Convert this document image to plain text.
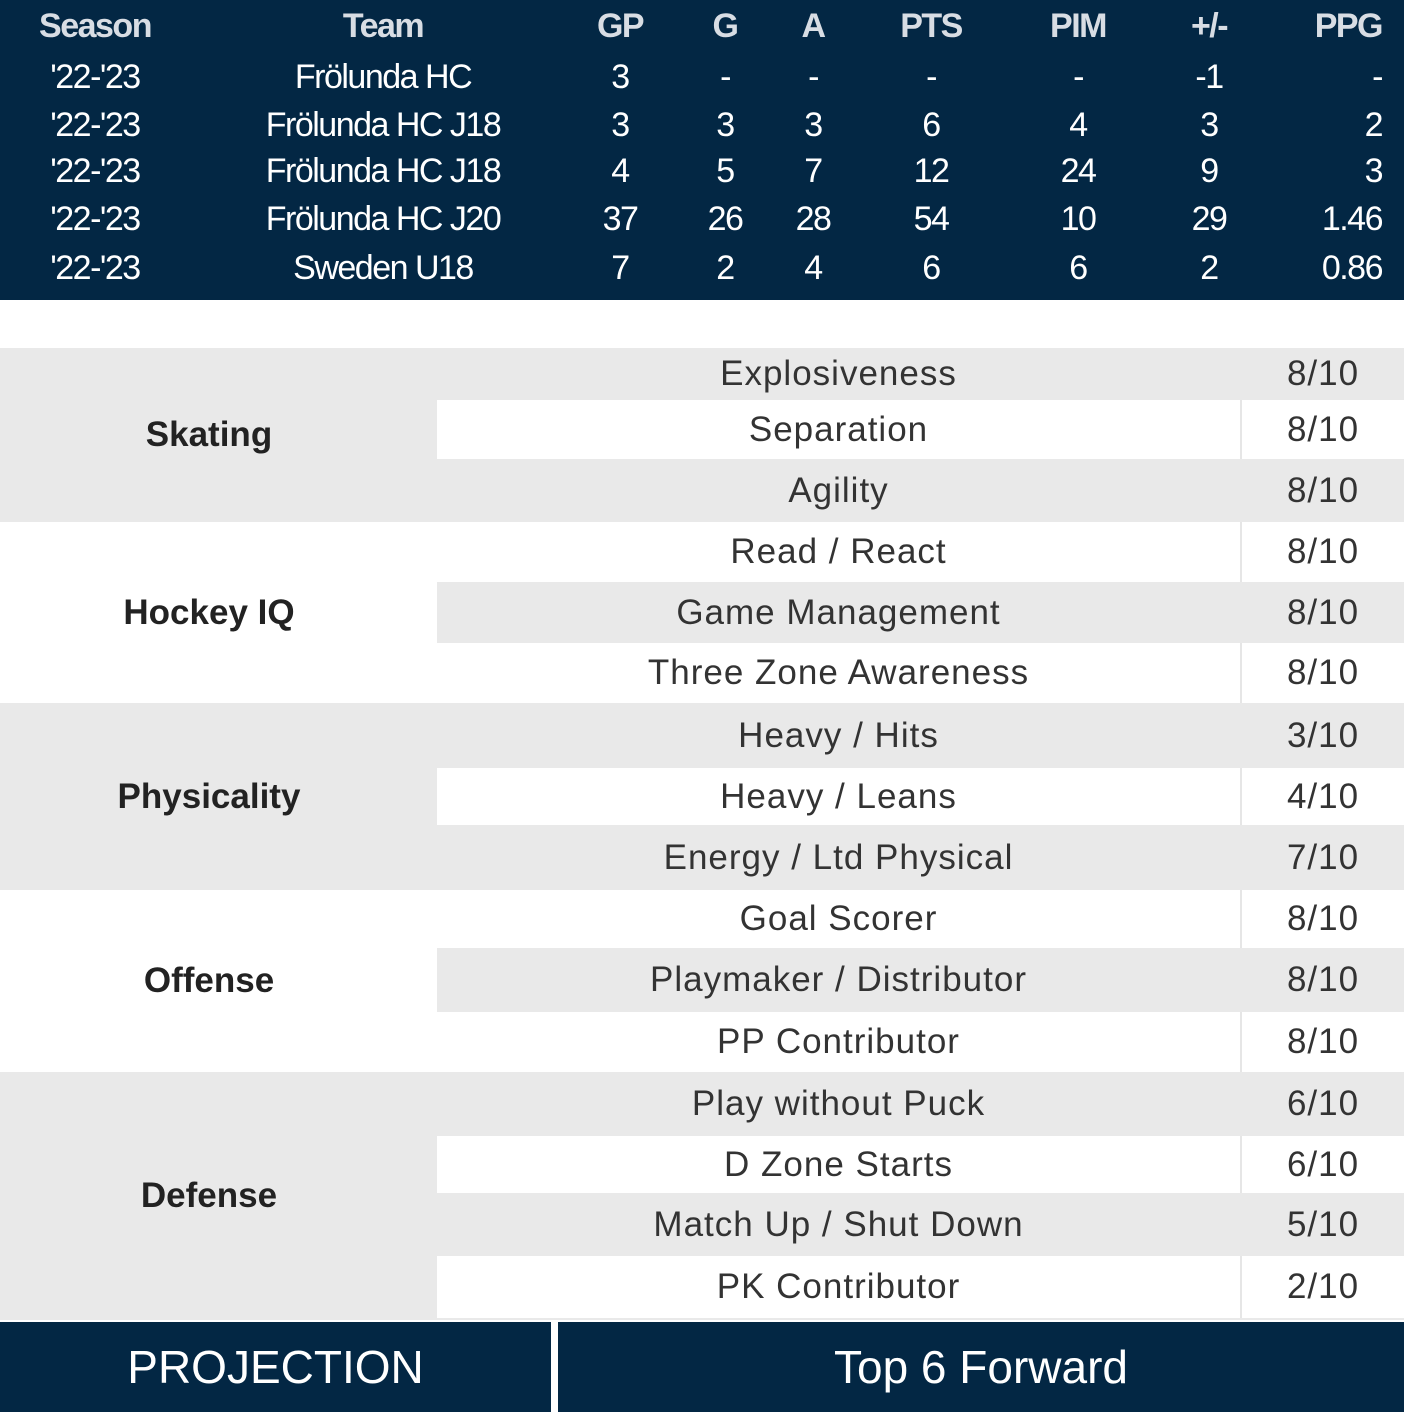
Season	Team	GP	G	A	PTS	PIM	+/-	PPG
'22-'23	Frölunda HC	3	-	-	-	-	-1	-
'22-'23	Frölunda HC J18	3	3	3	6	4	3	2
'22-'23	Frölunda HC J18	4	5	7	12	24	9	3
'22-'23	Frölunda HC J20	37	26	28	54	10	29	1.46
'22-'23	Sweden U18	7	2	4	6	6	2	0.86
Skating
Explosiveness	8/10
Separation	8/10
Agility	8/10
Hockey IQ
Read / React	8/10
Game Management	8/10
Three Zone Awareness	8/10
Physicality
Heavy / Hits	3/10
Heavy / Leans	4/10
Energy / Ltd Physical	7/10
Offense
Goal Scorer	8/10
Playmaker / Distributor	8/10
PP Contributor	8/10
Defense
Play without Puck	6/10
D Zone Starts	6/10
Match Up / Shut Down	5/10
PK Contributor	2/10
PROJECTION	Top 6 Forward
